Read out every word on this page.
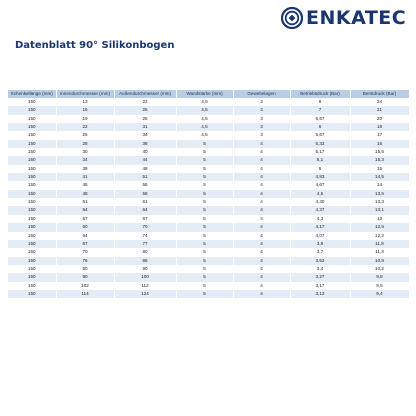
ENKATEC
Datenblatt 90° Silikonbogen
Schenkellänge (mm)	Innendurchmesser (mm)	Außendurchmesser (mm)	Wandstärke (mm)	Gewebelagen	Betriebsdruck (Bar)	Berstdruck (Bar)
150	13	22	4,5	3	8	24
150	16	25	4,5	3	7	21
150	19	28	4,5	3	6,67	20
150	22	31	4,5	3	6	18
150	25	34	4,5	3	5,67	17
150	28	38	5	4	5,33	16
150	30	40	5	4	5,17	15,5
150	34	44	5	4	5,1	15,3
150	38	48	5	4	5	15
150	41	51	5	4	4,83	14,5
150	45	55	5	4	4,67	14
150	48	58	5	4	4,5	13,5
150	51	61	5	4	4,40	13,3
150	54	64	5	4	4,37	13,1
150	57	67	5	4	4,3	13
150	60	70	5	4	4,17	12,5
150	64	74	5	4	4,07	12,2
150	67	77	5	4	3,9	11,8
150	70	80	5	4	3,7	11,3
150	76	86	5	4	3,53	10,8
150	80	90	5	4	3,4	10,2
150	90	100	5	4	3,27	9,8
150	102	112	5	4	3,17	9,5
150	114	124	5	4	3,13	9,4
